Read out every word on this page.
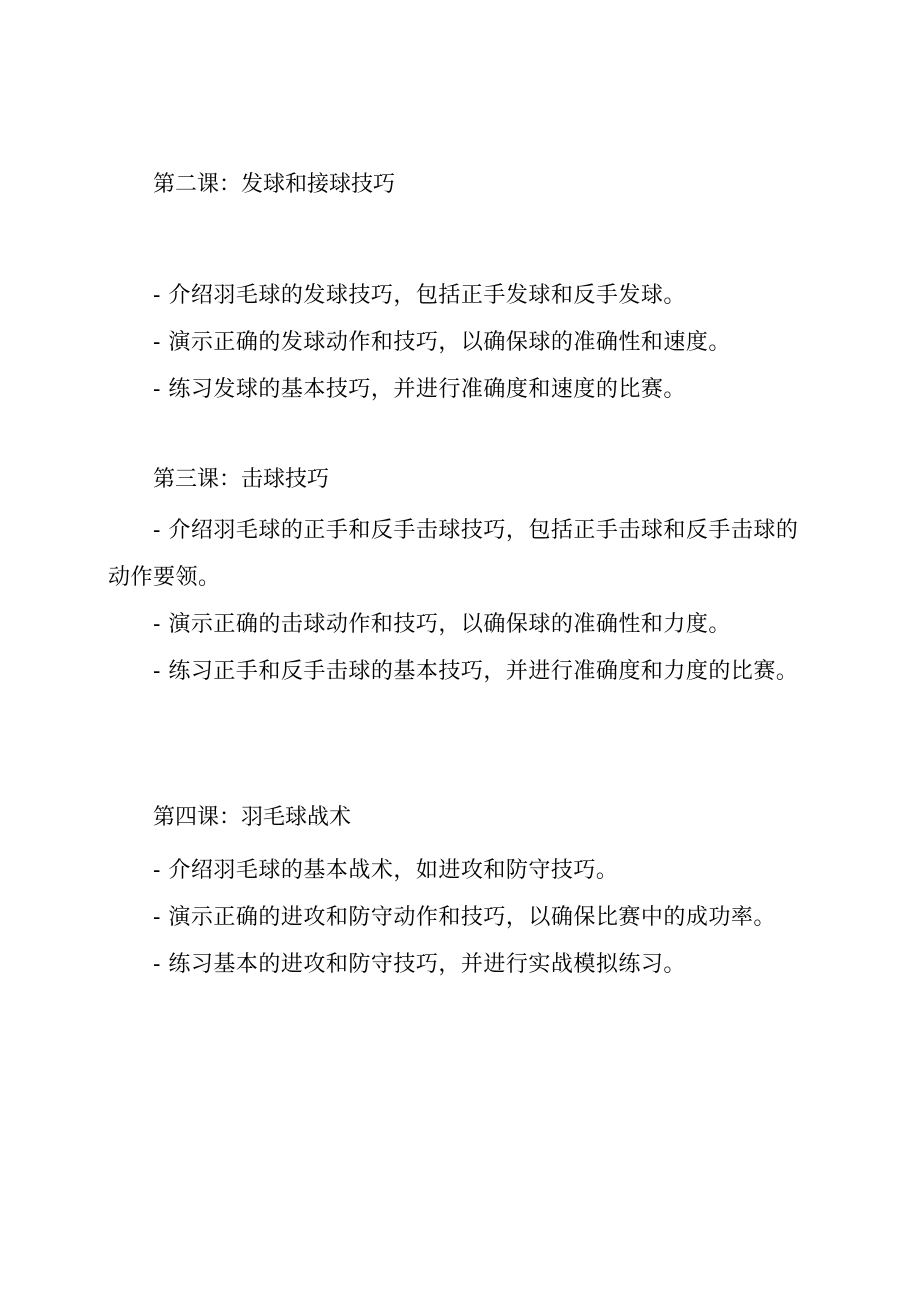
第二课：发球和接球技巧

- 介绍羽毛球的发球技巧，包括正手发球和反手发球。

- 演示正确的发球动作和技巧，以确保球的准确性和速度。

- 练习发球的基本技巧，并进行准确度和速度的比赛。

第三课：击球技巧

- 介绍羽毛球的正手和反手击球技巧，包括正手击球和反手击球的动作要领。

- 演示正确的击球动作和技巧，以确保球的准确性和力度。

- 练习正手和反手击球的基本技巧，并进行准确度和力度的比赛。

第四课：羽毛球战术

- 介绍羽毛球的基本战术，如进攻和防守技巧。

- 演示正确的进攻和防守动作和技巧，以确保比赛中的成功率。

- 练习基本的进攻和防守技巧，并进行实战模拟练习。
